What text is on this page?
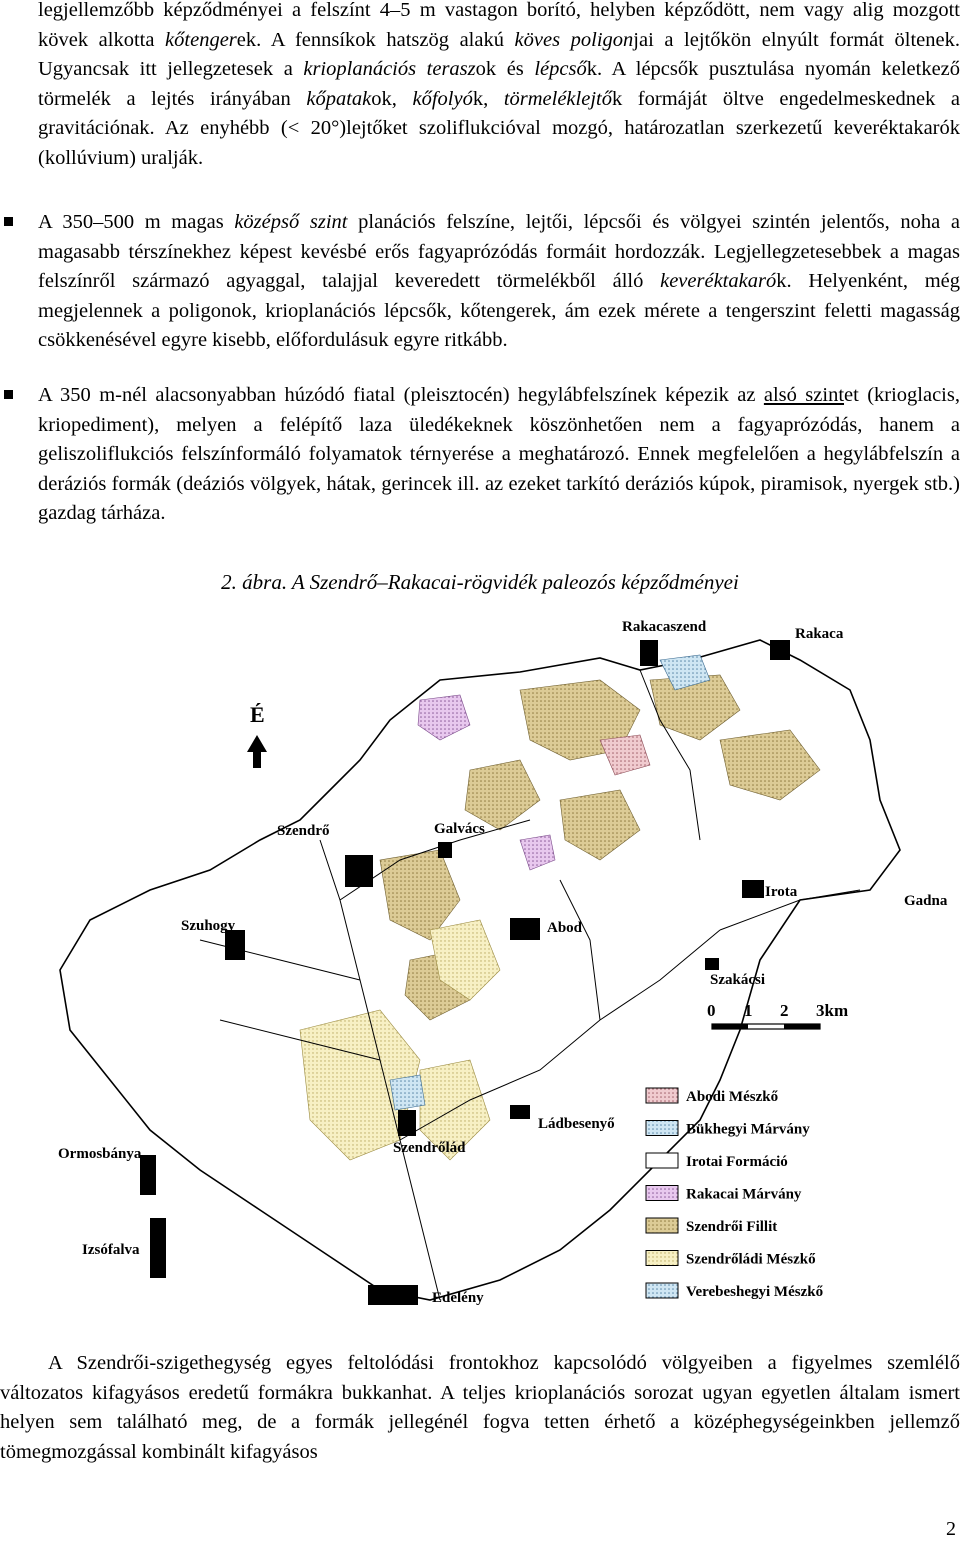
legjellemzőbb képződményei a felszínt 4–5 m vastagon borító, helyben képződött, nem vagy alig mozgott kövek alkotta kőtengerek. A fennsíkok hatszög alakú köves poligonjai a lejtőkön elnyúlt formát öltenek. Ugyancsak itt jellegzetesek a krioplanációs teraszok és lépcsők. A lépcsők pusztulása nyomán keletkező törmelék a lejtés irányában kőpatakok, kőfolyók, törmeléklejtők formáját öltve engedelmeskednek a gravitációnak. Az enyhébb (< 20°)lejtőket szoliflukcióval mozgó, határozatlan szerkezetű keveréktakarók (kollúvium) uralják.
A 350–500 m magas középső szint planációs felszíne, lejtői, lépcsői és völgyei szintén jelentős, noha a magasabb térszínekhez képest kevésbé erős fagyaprózódás formáit hordozzák. Legjellegzetesebbek a magas felszínről származó agyaggal, talajjal keveredett törmelékből álló keveréktakarók. Helyenként, még megjelennek a poligonok, krioplanációs lépcsők, kőtengerek, ám ezek mérete a tengerszint feletti magasság csökkenésével egyre kisebb, előfordulásuk egyre ritkább.
A 350 m-nél alacsonyabban húzódó fiatal (pleisztocén) hegylábfelszínek képezik az alsó szintet (krioglacis, kriopediment), melyen a felépítő laza üledékeknek köszönhetően nem a fagyaprózódás, hanem a geliszoliflukciós felszínformáló folyamatok térnyerése a meghatározó. Ennek megfelelően a hegylábfelszín a deráziós formák (deáziós völgyek, hátak, gerincek ill. az ezeket tarkító deráziós kúpok, piramisok, nyergek stb.) gazdag tárháza.
2. ábra. A Szendrő–Rakacai-rögvidék paleozós képződményei
Rakacaszend	Rakaca
Szendrő	Galvács
Irota
Gadna
Szuhogy	Abod
Szakácsi
Ládbesenyő
Szendrőlád
Ormosbánya
Izsófalva
Edelény
É
0 1 2 3km
Abodi Mészkő
Bükhegyi Márvány
Irotai Formáció
Rakacai Márvány
Szendrői Fillit
Szendrőládi Mészkő
Verebeshegyi Mészkő
A Szendrői-szigethegység egyes feltolódási frontokhoz kapcsolódó völgyeiben a figyelmes szemlélő változatos kifagyásos eredetű formákra bukkanhat. A teljes krioplanációs sorozat ugyan egyetlen általam ismert helyen sem található meg, de a formák jellegénél fogva tetten érhető a középhegységeinkben jellemző tömegmozgással kombinált kifagyásos
2
